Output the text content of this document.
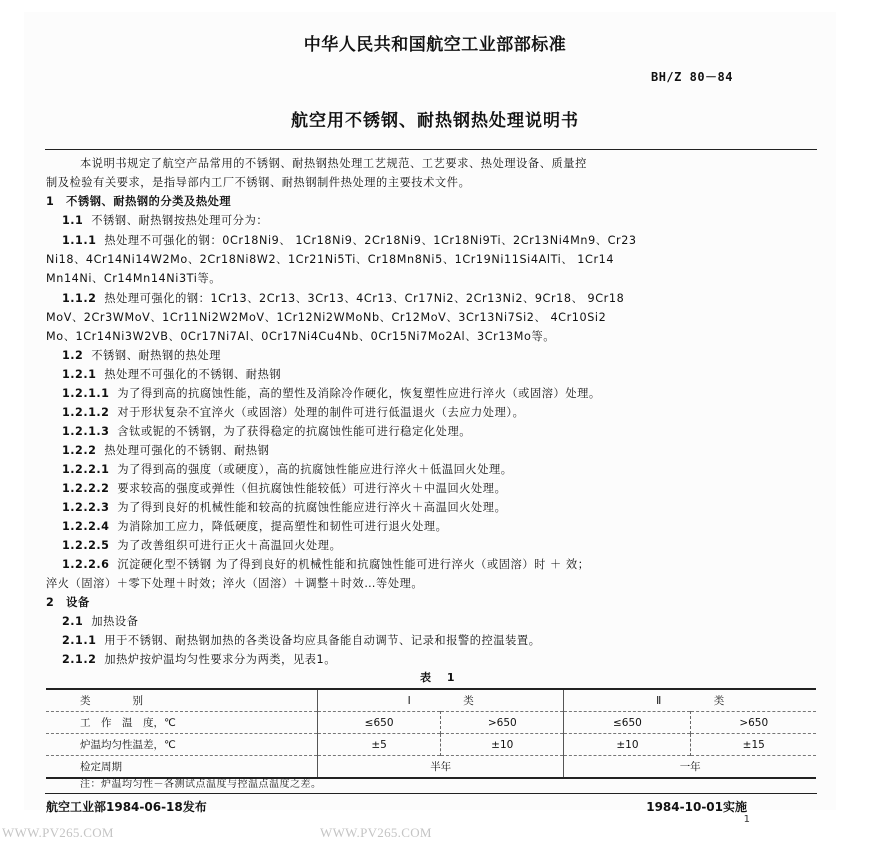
中华人民共和国航空工业部部标准
BH/Z 80－84
航空用不锈钢、耐热钢热处理说明书
本说明书规定了航空产品常用的不锈钢、耐热钢热处理工艺规范、工艺要求、热处理设备、质量控
制及检验有关要求，是指导部内工厂不锈钢、耐热钢制件热处理的主要技术文件。
1　不锈钢、耐热钢的分类及热处理
1.1 不锈钢、耐热钢按热处理可分为：
1.1.1 热处理不可强化的钢：0Cr18Ni9、 1Cr18Ni9、2Cr18Ni9、1Cr18Ni9Ti、2Cr13Ni4Mn9、Cr23
Ni18、4Cr14Ni14W2Mo、2Cr18Ni8W2、1Cr21Ni5Ti、Cr18Mn8Ni5、1Cr19Ni11Si4AlTi、 1Cr14
Mn14Ni、Cr14Mn14Ni3Ti等。
1.1.2 热处理可强化的钢：1Cr13、2Cr13、3Cr13、4Cr13、Cr17Ni2、2Cr13Ni2、9Cr18、 9Cr18
MoV、2Cr3WMoV、1Cr11Ni2W2MoV、1Cr12Ni2WMoNb、Cr12MoV、3Cr13Ni7Si2、 4Cr10Si2
Mo、1Cr14Ni3W2VB、0Cr17Ni7Al、0Cr17Ni4Cu4Nb、0Cr15Ni7Mo2Al、3Cr13Mo等。
1.2 不锈钢、耐热钢的热处理
1.2.1 热处理不可强化的不锈钢、耐热钢
1.2.1.1 为了得到高的抗腐蚀性能，高的塑性及消除冷作硬化，恢复塑性应进行淬火（或固溶）处理。
1.2.1.2 对于形状复杂不宜淬火（或固溶）处理的制件可进行低温退火（去应力处理）。
1.2.1.3 含钛或铌的不锈钢，为了获得稳定的抗腐蚀性能可进行稳定化处理。
1.2.2 热处理可强化的不锈钢、耐热钢
1.2.2.1 为了得到高的强度（或硬度），高的抗腐蚀性能应进行淬火＋低温回火处理。
1.2.2.2 要求较高的强度或弹性（但抗腐蚀性能较低）可进行淬火＋中温回火处理。
1.2.2.3 为了得到良好的机械性能和较高的抗腐蚀性能应进行淬火＋高温回火处理。
1.2.2.4 为消除加工应力，降低硬度，提高塑性和韧性可进行退火处理。
1.2.2.5 为了改善组织可进行正火＋高温回火处理。
1.2.2.6 沉淀硬化型不锈钢 为了得到良好的机械性能和抗腐蚀性能可进行淬火（或固溶）时 ＋ 效；
淬火（固溶）＋零下处理＋时效；淬火（固溶）＋调整＋时效…等处理。
2　设备
2.1 加热设备
2.1.1 用于不锈钢、耐热钢加热的各类设备均应具备能自动调节、记录和报警的控温装置。
2.1.2 加热炉按炉温均匀性要求分为两类，见表1。
表 1
类　　　　别	I　　　　　类		Ⅱ　　　　　类	
工　作　温　度，℃	≤650	>650	≤650	>650
炉温均匀性温差，℃	±5	±10	±10	±15
检定周期	半年		一年	
注：炉温均匀性－各测试点温度与控温点温度之差。
航空工业部1984-06-18发布	1984-10-01实施
1
WWW.PV265.COM	WWW.PV265.COM
